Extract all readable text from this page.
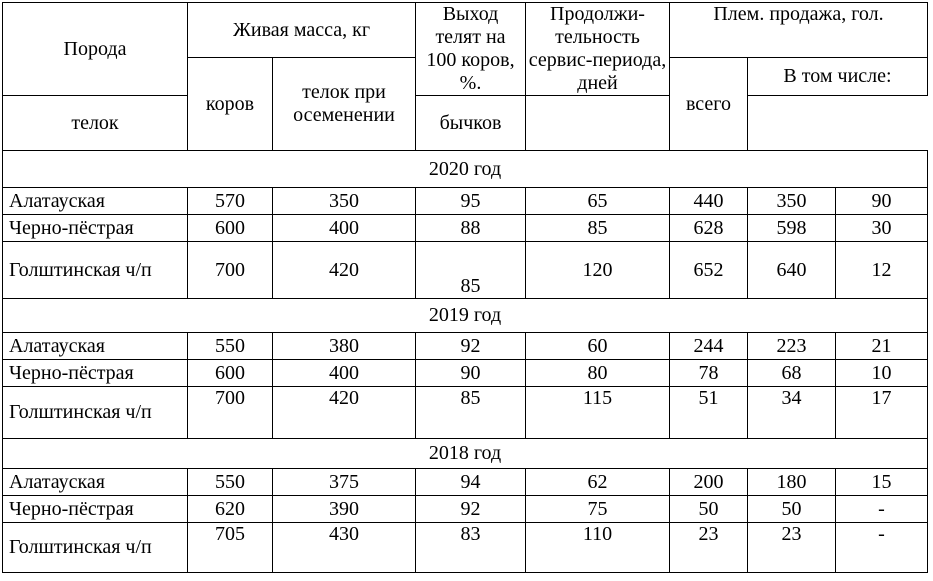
Порода	Живая масса, кг		Выход телят на 100 коров, %.	Продолжи-тельность сервис-периода, дней	Плем. продажа, гол.		
	коров	телок при осеменении			всего	В том числе:	
телок			бычков				
2020 год							
Алатауская	570	350	95	65	440	350	90
Черно-пёстрая	600	400	88	85	628	598	30
Голштинская ч/п	700	420	85	120	652	640	12
2019 год							
Алатауская	550	380	92	60	244	223	21
Черно-пёстрая	600	400	90	80	78	68	10
Голштинская ч/п	700	420	85	115	51	34	17
2018 год							
Алатауская	550	375	94	62	200	180	15
Черно-пёстрая	620	390	92	75	50	50	-
Голштинская ч/п	705	430	83	110	23	23	-
